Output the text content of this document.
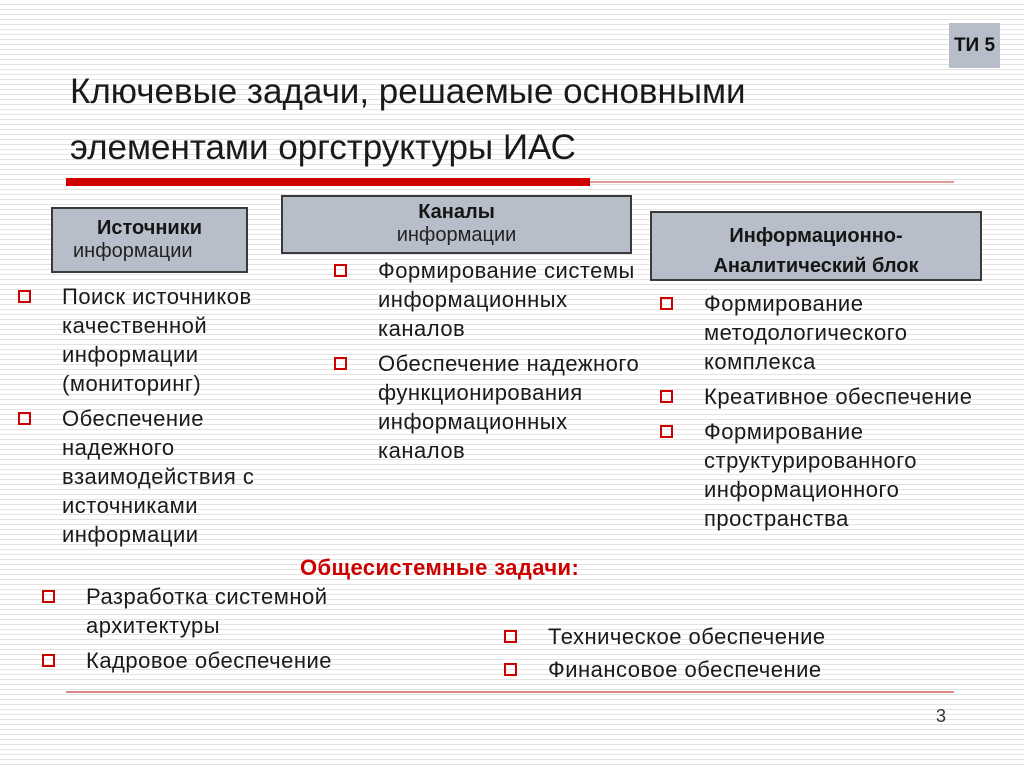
ТИ 5
Ключевые задачи, решаемые основными элементами оргструктуры ИАС
Источники
информации
Каналы
информации	Информационно-
Аналитический блок
Поиск источников качественной информации (мониторинг)
Обеспечение надежного взаимодействия с источниками информации
Формирование системы информационных каналов
Обеспечение надежного функционирования информационных каналов
Формирование методологического комплекса
Креативное обеспечение
Формирование структурированного информационного пространства
Общесистемные задачи:
Разработка системной архитектуры
Кадровое обеспечение
Техническое обеспечение
Финансовое обеспечение
3
